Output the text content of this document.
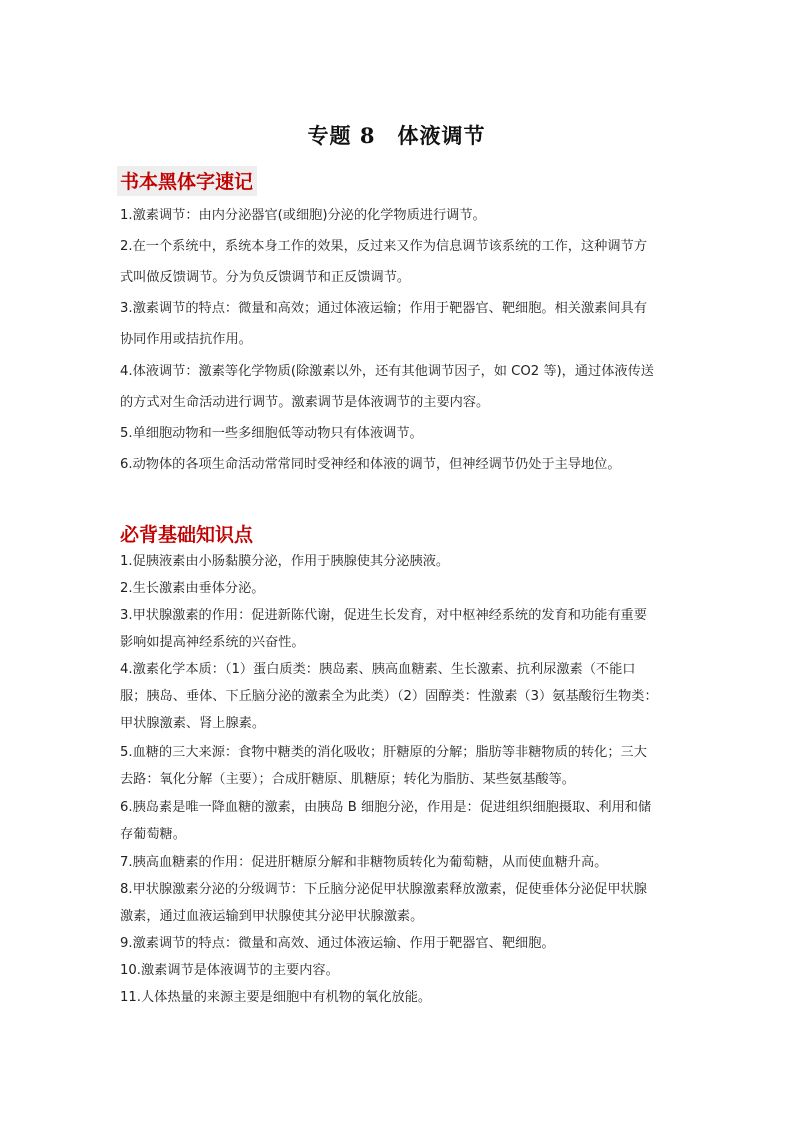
专题 8　体液调节
书本黑体字速记
1.激素调节：由内分泌器官(或细胞)分泌的化学物质进行调节。
2.在一个系统中，系统本身工作的效果，反过来又作为信息调节该系统的工作，这种调节方
式叫做反馈调节。分为负反馈调节和正反馈调节。
3.激素调节的特点：微量和高效；通过体液运输；作用于靶器官、靶细胞。相关激素间具有
协同作用或拮抗作用。
4.体液调节：激素等化学物质(除激素以外，还有其他调节因子，如 CO2 等)，通过体液传送
的方式对生命活动进行调节。激素调节是体液调节的主要内容。
5.单细胞动物和一些多细胞低等动物只有体液调节。
6.动物体的各项生命活动常常同时受神经和体液的调节，但神经调节仍处于主导地位。
必背基础知识点
1.促胰液素由小肠黏膜分泌，作用于胰腺使其分泌胰液。
2.生长激素由垂体分泌。
3.甲状腺激素的作用：促进新陈代谢，促进生长发育，对中枢神经系统的发育和功能有重要
影响如提高神经系统的兴奋性。
4.激素化学本质：（1）蛋白质类：胰岛素、胰高血糖素、生长激素、抗利尿激素（不能口
服；胰岛、垂体、下丘脑分泌的激素全为此类）（2）固醇类：性激素（3）氨基酸衍生物类：
甲状腺激素、肾上腺素。
5.血糖的三大来源：食物中糖类的消化吸收；肝糖原的分解；脂肪等非糖物质的转化；三大
去路：氧化分解（主要）；合成肝糖原、肌糖原；转化为脂肪、某些氨基酸等。
6.胰岛素是唯一降血糖的激素，由胰岛 B 细胞分泌，作用是：促进组织细胞摄取、利用和储
存葡萄糖。
7.胰高血糖素的作用：促进肝糖原分解和非糖物质转化为葡萄糖，从而使血糖升高。
8.甲状腺激素分泌的分级调节：下丘脑分泌促甲状腺激素释放激素，促使垂体分泌促甲状腺
激素，通过血液运输到甲状腺使其分泌甲状腺激素。
9.激素调节的特点：微量和高效、通过体液运输、作用于靶器官、靶细胞。
10.激素调节是体液调节的主要内容。
11.人体热量的来源主要是细胞中有机物的氧化放能。
